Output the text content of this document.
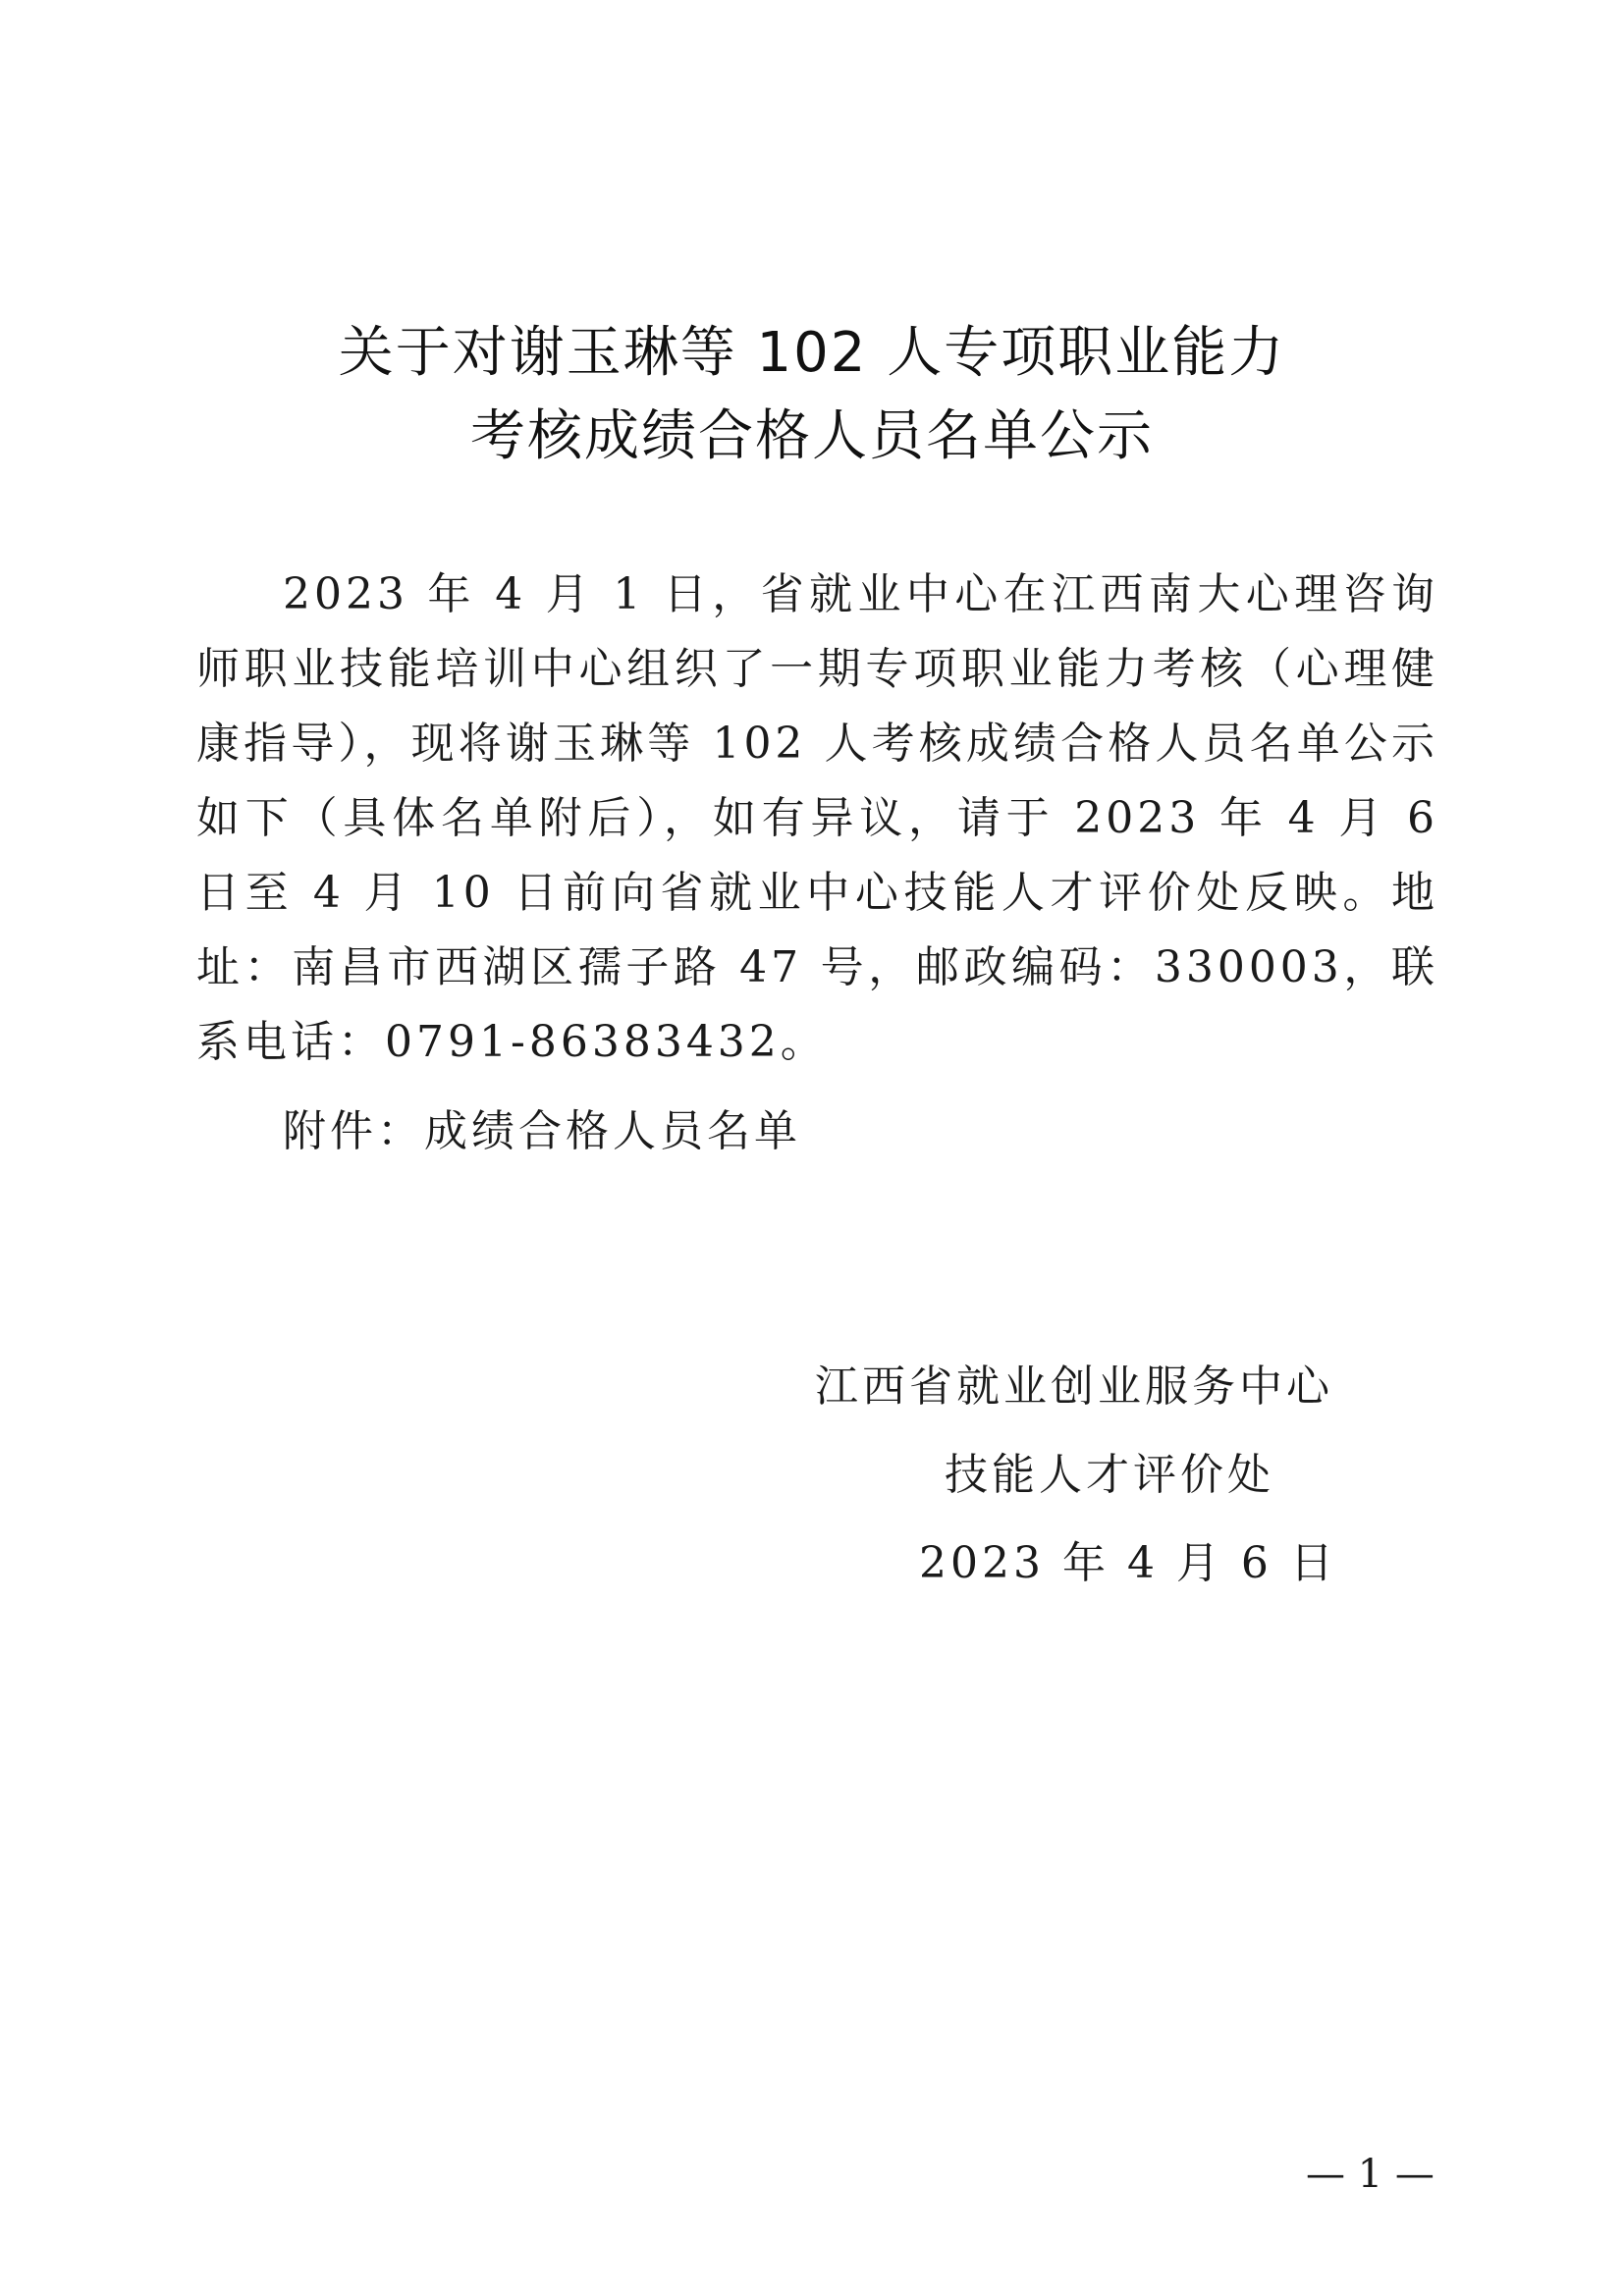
关于对谢玉琳等 102 人专项职业能力
考核成绩合格人员名单公示

2023 年 4 月 1 日，省就业中心在江西南大心理咨询师职业技能培训中心组织了一期专项职业能力考核（心理健康指导），现将谢玉琳等 102 人考核成绩合格人员名单公示如下（具体名单附后），如有异议，请于 2023 年 4 月 6 日至 4 月 10 日前向省就业中心技能人才评价处反映。地址：南昌市西湖区孺子路 47 号，邮政编码：330003，联系电话：0791-86383432。

附件：成绩合格人员名单
江西省就业创业服务中心
技能人才评价处
2023 年 4 月 6 日
— 1 —
